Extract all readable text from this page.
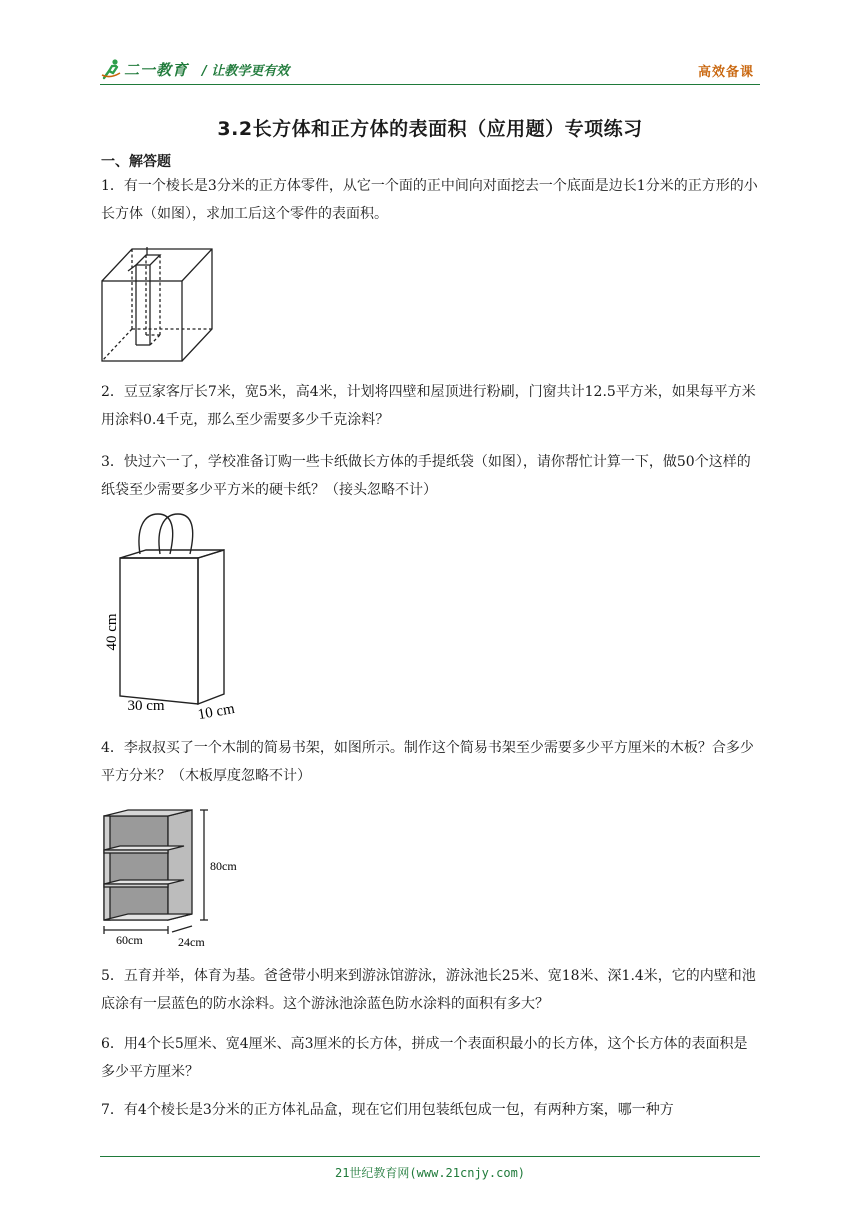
二一教育 / 让教学更有效	高效备课
3.2长方体和正方体的表面积（应用题）专项练习
一、解答题
1．有一个棱长是3分米的正方体零件，从它一个面的正中间向对面挖去一个底面是边长1分米的正方形的小长方体（如图），求加工后这个零件的表面积。
2．豆豆家客厅长7米，宽5米，高4米，计划将四壁和屋顶进行粉刷，门窗共计12.5平方米，如果每平方米用涂料0.4千克，那么至少需要多少千克涂料？
3．快过六一了，学校准备订购一些卡纸做长方体的手提纸袋（如图），请你帮忙计算一下，做50个这样的纸袋至少需要多少平方米的硬卡纸？（接头忽略不计）
40 cm
30 cm 10 cm
4．李叔叔买了一个木制的简易书架，如图所示。制作这个简易书架至少需要多少平方厘米的木板？合多少平方分米？（木板厚度忽略不计）
80cm
60cm	24cm
5．五育并举，体育为基。爸爸带小明来到游泳馆游泳，游泳池长25米、宽18米、深1.4米，它的内壁和池底涂有一层蓝色的防水涂料。这个游泳池涂蓝色防水涂料的面积有多大？
6．用4个长5厘米、宽4厘米、高3厘米的长方体，拼成一个表面积最小的长方体，这个长方体的表面积是多少平方厘米？
7．有4个棱长是3分米的正方体礼品盒，现在它们用包装纸包成一包，有两种方案，哪一种方
21世纪教育网(www.21cnjy.com)
